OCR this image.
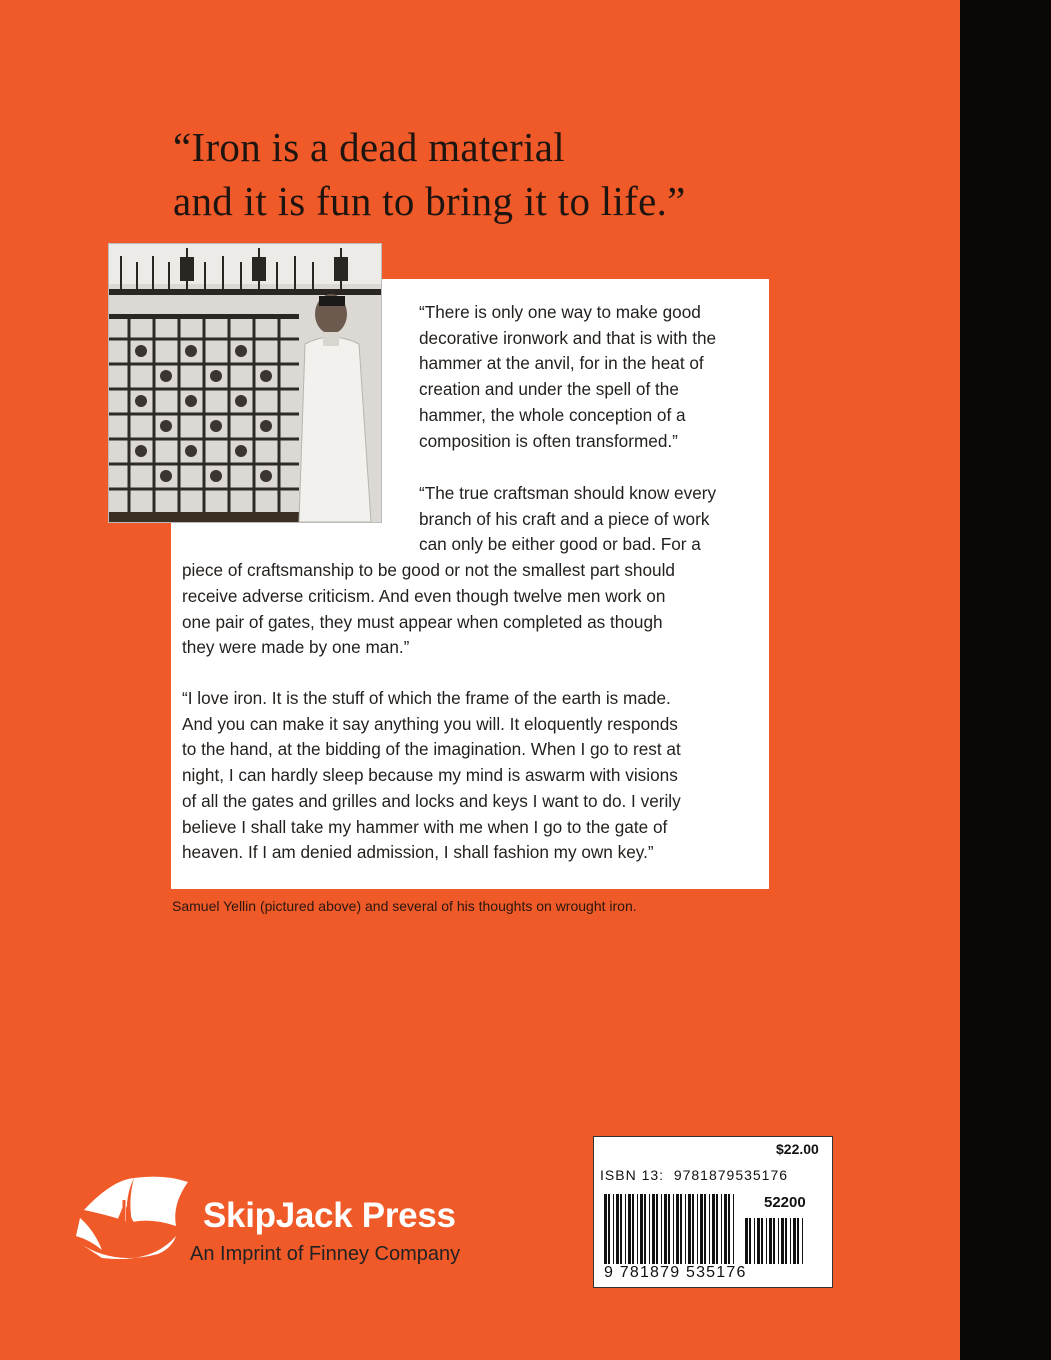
“Iron is a dead material
and it is fun to bring it to life.”

“There is only one way to make good
decorative ironwork and that is with the
hammer at the anvil, for in the heat of
creation and under the spell of the
hammer, the whole conception of a
composition is often transformed.”

“The true craftsman should know every
branch of his craft and a piece of work
can only be either good or bad. For a
piece of craftsmanship to be good or not the smallest part should
receive adverse criticism. And even though twelve men work on
one pair of gates, they must appear when completed as though
they were made by one man.”

“I love iron. It is the stuff of which the frame of the earth is made.
And you can make it say anything you will. It eloquently responds
to the hand, at the bidding of the imagination. When I go to rest at
night, I can hardly sleep because my mind is aswarm with visions
of all the gates and grilles and locks and keys I want to do. I verily
believe I shall take my hammer with me when I go to the gate of
heaven. If I am denied admission, I shall fashion my own key.”

Samuel Yellin (pictured above) and several of his thoughts on wrought iron.
SkipJack Press
An Imprint of Finney Company
$22.00
ISBN 13: 9781879535176
52200
9 781879 535176
